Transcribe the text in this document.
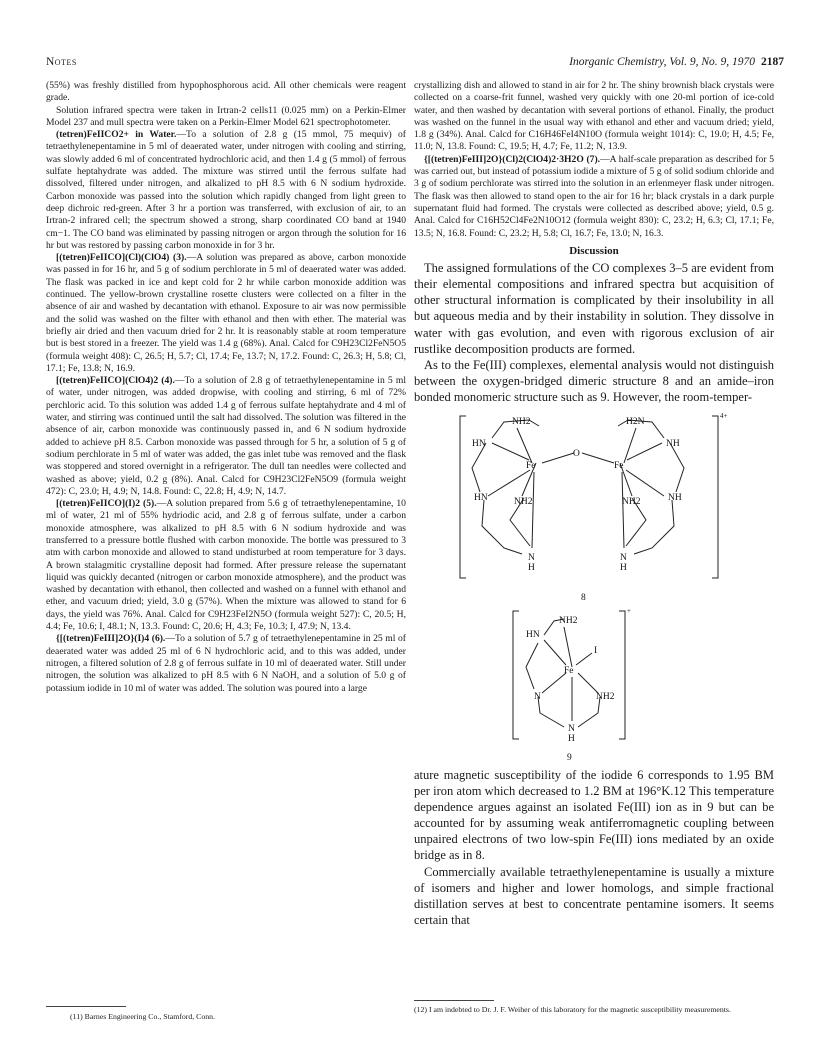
Notes	Inorganic Chemistry, Vol. 9, No. 9, 1970 2187

(55%) was freshly distilled from hypophosphorous acid. All other chemicals were reagent grade.

Solution infrared spectra were taken in Irtran-2 cells11 (0.025 mm) on a Perkin-Elmer Model 237 and mull spectra were taken on a Perkin-Elmer Model 621 spectrophotometer.

(tetren)FeIICO2+ in Water.—To a solution of 2.8 g (15 mmol, 75 mequiv) of tetraethylenepentamine in 5 ml of deaerated water, under nitrogen with cooling and stirring, was slowly added 6 ml of concentrated hydrochloric acid, and then 1.4 g (5 mmol) of ferrous sulfate heptahydrate was added. The mixture was stirred until the ferrous sulfate had dissolved, filtered under nitrogen, and alkalized to pH 8.5 with 6 N sodium hydroxide. Carbon monoxide was passed into the solution which rapidly changed from light green to deep dichroic red-green. After 3 hr a portion was transferred, with exclusion of air, to an Irtran-2 infrared cell; the spectrum showed a strong, sharp coordinated CO band at 1940 cm−1. The CO band was eliminated by passing nitrogen or argon through the solution for 16 hr but was restored by passing carbon monoxide in for 3 hr.

[(tetren)FeIICO](Cl)(ClO4) (3).—A solution was prepared as above, carbon monoxide was passed in for 16 hr, and 5 g of sodium perchlorate in 5 ml of deaerated water was added. The flask was packed in ice and kept cold for 2 hr while carbon monoxide addition was continued. The yellow-brown crystalline rosette clusters were collected on a filter in the absence of air and washed by decantation with ethanol. Exposure to air was now permissible and the solid was washed on the filter with ethanol and then with ether. The material was briefly air dried and then vacuum dried for 2 hr. It is reasonably stable at room temperature but is best stored in a freezer. The yield was 1.4 g (68%). Anal. Calcd for C9H23Cl2FeN5O5 (formula weight 408): C, 26.5; H, 5.7; Cl, 17.4; Fe, 13.7; N, 17.2. Found: C, 26.3; H, 5.8; Cl, 17.1; Fe, 13.8; N, 16.9.

[(tetren)FeIICO](ClO4)2 (4).—To a solution of 2.8 g of tetraethylenepentamine in 5 ml of water, under nitrogen, was added dropwise, with cooling and stirring, 6 ml of 72% perchloric acid. To this solution was added 1.4 g of ferrous sulfate heptahydrate and 4 ml of water, and stirring was continued until the salt had dissolved. The solution was filtered in the absence of air, carbon monoxide was continuously passed in, and 6 N sodium hydroxide added to achieve pH 8.5. Carbon monoxide was passed through for 5 hr, a solution of 5 g of sodium perchlorate in 5 ml of water was added, the gas inlet tube was removed and the flask was stoppered and stored overnight in a refrigerator. The dull tan needles were collected and washed as above; yield, 0.2 g (8%). Anal. Calcd for C9H23Cl2FeN5O9 (formula weight 472): C, 23.0; H, 4.9; N, 14.8. Found: C, 22.8; H, 4.9; N, 14.7.

[(tetren)FeIICO](I)2 (5).—A solution prepared from 5.6 g of tetraethylenepentamine, 10 ml of water, 21 ml of 55% hydriodic acid, and 2.8 g of ferrous sulfate, under a carbon monoxide atmosphere, was alkalized to pH 8.5 with 6 N sodium hydroxide and was transferred to a pressure bottle flushed with carbon monoxide. The bottle was pressured to 3 atm with carbon monoxide and allowed to stand undisturbed at room temperature for 3 days. A brown stalagmitic crystalline deposit had formed. After pressure release the supernatant liquid was quickly decanted (nitrogen or carbon monoxide atmosphere), and the product was washed by decantation with ethanol, then collected and washed on a funnel with ethanol and ether, and vacuum dried; yield, 3.0 g (57%). When the mixture was allowed to stand for 6 days, the yield was 76%. Anal. Calcd for C9H23FeI2N5O (formula weight 527): C, 20.5; H, 4.4; Fe, 10.6; I, 48.1; N, 13.3. Found: C, 20.6; H, 4.3; Fe, 10.3; I, 47.9; N, 13.4.

{[(tetren)FeIII]2O}(I)4 (6).—To a solution of 5.7 g of tetraethylenepentamine in 25 ml of deaerated water was added 25 ml of 6 N hydrochloric acid, and to this was added, under nitrogen, a filtered solution of 2.8 g of ferrous sulfate in 10 ml of deaerated water. Still under nitrogen, the solution was alkalized to pH 8.5 with 6 N NaOH, and a solution of 5.0 g of potassium iodide in 10 ml of water was added. The solution was poured into a large

crystallizing dish and allowed to stand in air for 2 hr. The shiny brownish black crystals were collected on a coarse-frit funnel, washed very quickly with one 20-ml portion of ice-cold water, and then washed by decantation with several portions of ethanol. Finally, the product was washed on the funnel in the usual way with ethanol and ether and vacuum dried; yield, 1.8 g (34%). Anal. Calcd for C16H46FeI4N10O (formula weight 1014): C, 19.0; H, 4.5; Fe, 11.0; N, 13.8. Found: C, 19.5; H, 4.7; Fe, 11.2; N, 13.9.

{[(tetren)FeIII]2O}(Cl)2(ClO4)2·3H2O (7).—A half-scale preparation as described for 5 was carried out, but instead of potassium iodide a mixture of 5 g of solid sodium chloride and 3 g of sodium perchlorate was stirred into the solution in an erlenmeyer flask under nitrogen. The flask was then allowed to stand open to the air for 16 hr; black crystals in a dark purple supernatant fluid had formed. The crystals were collected as described above; yield, 0.5 g. Anal. Calcd for C16H52Cl4Fe2N10O12 (formula weight 830): C, 23.2; H, 6.3; Cl, 17.1; Fe, 13.5; N, 16.8. Found: C, 23.2; H, 5.8; Cl, 16.7; Fe, 13.0; N, 16.3.

Discussion

The assigned formulations of the CO complexes 3–5 are evident from their elemental compositions and infrared spectra but acquisition of other structural information is complicated by their insolubility in all but aqueous media and by their instability in solution. They dissolve in water with gas evolution, and even with rigorous exclusion of air rustlike decomposition products are formed.

As to the Fe(III) complexes, elemental analysis would not distinguish between the oxygen-bridged dimeric structure 8 and an amide–iron bonded monomeric structure such as 9. However, the room-temper-

4+
Fe	Fe
O
NH2	H2N
HN	NH
HN	NH
NH2	NH2
N
H
N
H
8
+
Fe
I
NH2
HN
N	NH2
N
H
9

ature magnetic susceptibility of the iodide 6 corresponds to 1.95 BM per iron atom which decreased to 1.2 BM at 196°K.12 This temperature dependence argues against an isolated Fe(III) ion as in 9 but can be accounted for by assuming weak antiferromagnetic coupling between unpaired electrons of two low-spin Fe(III) ions mediated by an oxide bridge as in 8.

Commercially available tetraethylenepentamine is usually a mixture of isomers and higher and lower homologs, and simple fractional distillation serves at best to concentrate pentamine isomers. It seems certain that

(11) Barnes Engineering Co., Stamford, Conn.
(12) I am indebted to Dr. J. F. Weiher of this laboratory for the magnetic susceptibility measurements.
